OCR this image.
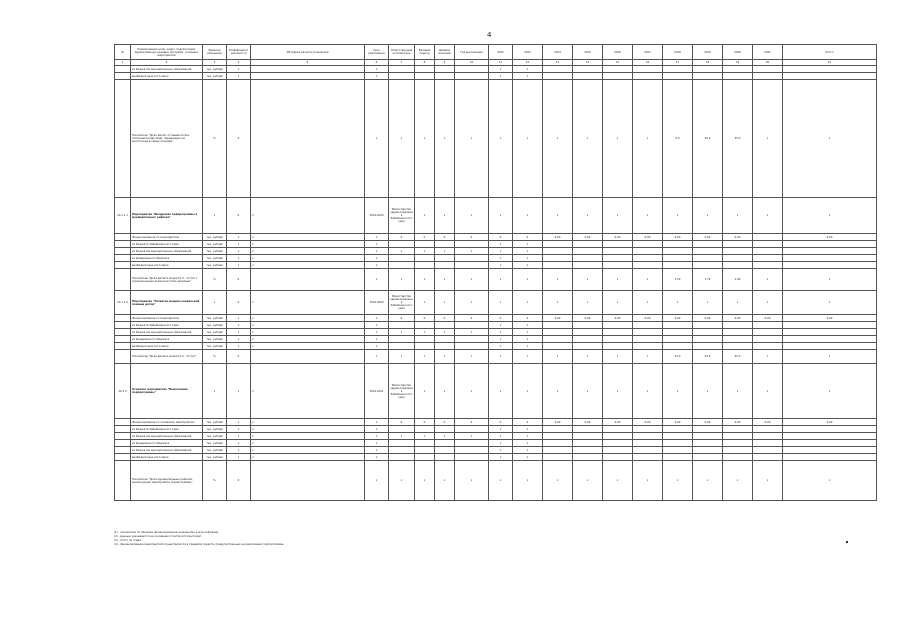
4
№	Наименование цели, задач, подпрограмм, ведомственных целевых программ, основных мероприятий	Единица измерения	Коэффициент значимости	Методика расчета показателя	Срок реализации	Ответственный исполнитель	Базовый период	Целевое значение	Год выполнения	2012	2013	2014	2015	2016	2017	2018	2019	2020	2021	Итого
1	2	3	4	5	6	7	8	9	10	11	12	13	14	15	16	17	18	19	20	21
	из бюджетов муниципальных образований	тыс. рублей	х		х					х	х									
	внебюджетные источники	тыс. рублей	х		х					х	х									
	Показатель "Доля детей, оставшихся без попечения родителей, переданных на воспитание в семьи граждан"	%	0		х	х	х	х	х	х	х	х	х	х	х	0,0	50,0	35,0	х	х
10.1.1.1	Мероприятие "Внедрение подпрограммы в муниципальных районах"	х	0	х	2019-2020	Министерство здравоохранения Забайкальского края	х	х	х	х	х	х	х	х	х	х	х	х	х	х
	Финансирование по мероприятию	тыс. рублей	х	х	х	0	0	0	0	0	0	0,00	0,00	0,00	0,00	0,00	0,00	0,00		0,00
	из бюджета Забайкальского края	тыс. рублей	х	х	х					х	х									
	из бюджетов муниципальных образований	тыс. рублей	х	х	х	х	х	х	х	х	х									
	из федерального бюджета	тыс. рублей	х	х	х					х	х									
	внебюджетные источники	тыс. рублей	х	х	х					х	х									
	Показатель "Доля детей в возрасте 0 - 17 лет с ограниченными возможностями здоровья"	%	0		х	х	х	х	х	х	х	х	х	х	х	1,50	1,70	1,90	х	х
10.1.1.2	Мероприятие "Развитие медико-социальной помощи детям"	х	0	х	2019-2020	Министерство здравоохранения Забайкальского края	х	х	х	х	х	х	х	х	х	х	х	х	х	х
	Финансирование по мероприятию	тыс. рублей	х	х	х	0	0	0	0	0	0	0,00	0,00	0,00	0,00	0,00	0,00	0,00	0,00	0,00
	из бюджета Забайкальского края	тыс. рублей	х	х	х					х	х									
	из бюджетов муниципальных образований	тыс. рублей	х	х	х	х	х	х	х	х	х									
	из федерального бюджета	тыс. рублей	х	х	х					х	х									
	внебюджетные источники	тыс. рублей	х	х	х					х	х									
	Показатель "Доля детей в возрасте 0 - 17 лет"	%	0		х	х	х	х	х	х	х	х	х	х	х	54,0	54,5	55,0	х	х
10.1.3	Основное мероприятие "Выполнение подпрограммы"	х	х	х	2019-2021	Министерство здравоохранения Забайкальского края	х	х	х	х	х	х	х	х	х	х	х	х	х	х
	Финансирование по основному мероприятию	тыс. рублей	х	х	х	0	0	0	0	0	0	0,00	0,00	0,00	0,00	0,00	0,00	0,00	0,00	0,00
	из бюджета Забайкальского края	тыс. рублей	х	х	х					х	х									
	из бюджетов муниципальных образований	тыс. рублей	х	х	х	х	х	х	х	х	х									
	из федерального бюджета	тыс. рублей	х	х	х					х	х									
	из бюджетов муниципальных образований	тыс. рублей	х	х	х					х	х									
	внебюджетные источники	тыс. рублей	х	х	х					х	х									
	Показатель "Доля муниципальных районов, реализующих мероприятия подпрограммы"	%	0		х	х	х	х	х	х	х	х	х	х	х	х	х	х	х	х
(1) - показатели по объемам финансирования указаны без учета инфляции
(2) - данные указываются на основании отчетов исполнителей
(3) - итого по годам
(4) - финансирование мероприятий осуществляется в пределах средств, предусмотренных на реализацию подпрограммы
